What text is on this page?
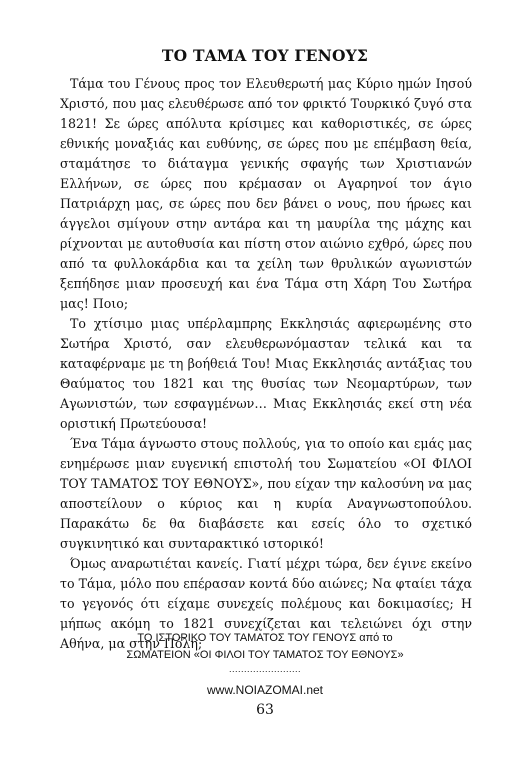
ΤΟ ΤΑΜΑ ΤΟΥ ΓΕΝΟΥΣ

Τάμα του Γένους προς τον Ελευθερωτή μας Κύριο ημών Ιησού Χριστό, που μας ελευθέρωσε από τον φρικτό Τουρκικό ζυγό στα 1821! Σε ώρες απόλυτα κρίσιμες και καθοριστικές, σε ώρες εθνικής μοναξιάς και ευθύνης, σε ώρες που με επέμβαση θεία, σταμάτησε το διάταγμα γενικής σφαγής των Χριστιανών Ελλήνων, σε ώρες που κρέμασαν οι Αγαρηνοί τον άγιο Πατριάρχη μας, σε ώρες που δεν βάνει ο νους, που ήρωες και άγγελοι σμίγουν στην αντάρα και τη μαυρίλα της μάχης και ρίχνονται με αυτοθυσία και πίστη στον αιώνιο εχθρό, ώρες που από τα φυλλοκάρδια και τα χείλη των θρυλικών αγωνιστών ξεπήδησε μιαν προσευχή και ένα Τάμα στη Χάρη Του Σωτήρα μας! Ποιο;

Το χτίσιμο μιας υπέρλαμπρης Εκκλησιάς αφιερωμένης στο Σωτήρα Χριστό, σαν ελευθερωνόμασταν τελικά και τα καταφέρναμε με τη βοήθειά Του! Μιας Εκκλησιάς αντάξιας του Θαύματος του 1821 και της θυσίας των Νεομαρτύρων, των Αγωνιστών, των εσφαγμένων… Μιας Εκκλησιάς εκεί στη νέα οριστική Πρωτεύουσα!

Ένα Τάμα άγνωστο στους πολλούς, για το οποίο και εμάς μας ενημέρωσε μιαν ευγενική επιστολή του Σωματείου «ΟΙ ΦΙΛΟΙ ΤΟΥ ΤΑΜΑΤΟΣ ΤΟΥ ΕΘΝΟΥΣ», που είχαν την καλοσύνη να μας αποστείλουν ο κύριος και η κυρία Αναγνωστοπούλου. Παρακάτω δε θα διαβάσετε και εσείς όλο το σχετικό συγκινητικό και συνταρακτικό ιστορικό!

Όμως αναρωτιέται κανείς. Γιατί μέχρι τώρα, δεν έγινε εκείνο το Τάμα, μόλο που επέρασαν κοντά δύο αιώνες; Να φταίει τάχα το γεγονός ότι είχαμε συνεχείς πολέμους και δοκιμασίες; Η μήπως ακόμη το 1821 συνεχίζεται και τελειώνει όχι στην Αθήνα, μα στην Πόλη;

ΤΟ ΙΣΤΟΡΙΚΟ ΤΟΥ ΤΑΜΑΤΟΣ ΤΟΥ ΓΕΝΟΥΣ από το
ΣΩΜΑΤΕΙΟΝ «ΟΙ ΦΙΛΟΙ ΤΟΥ ΤΑΜΑΤΟΣ ΤΟΥ ΕΘΝΟΥΣ»
........................
www.NOIAZOMAI.net
63
